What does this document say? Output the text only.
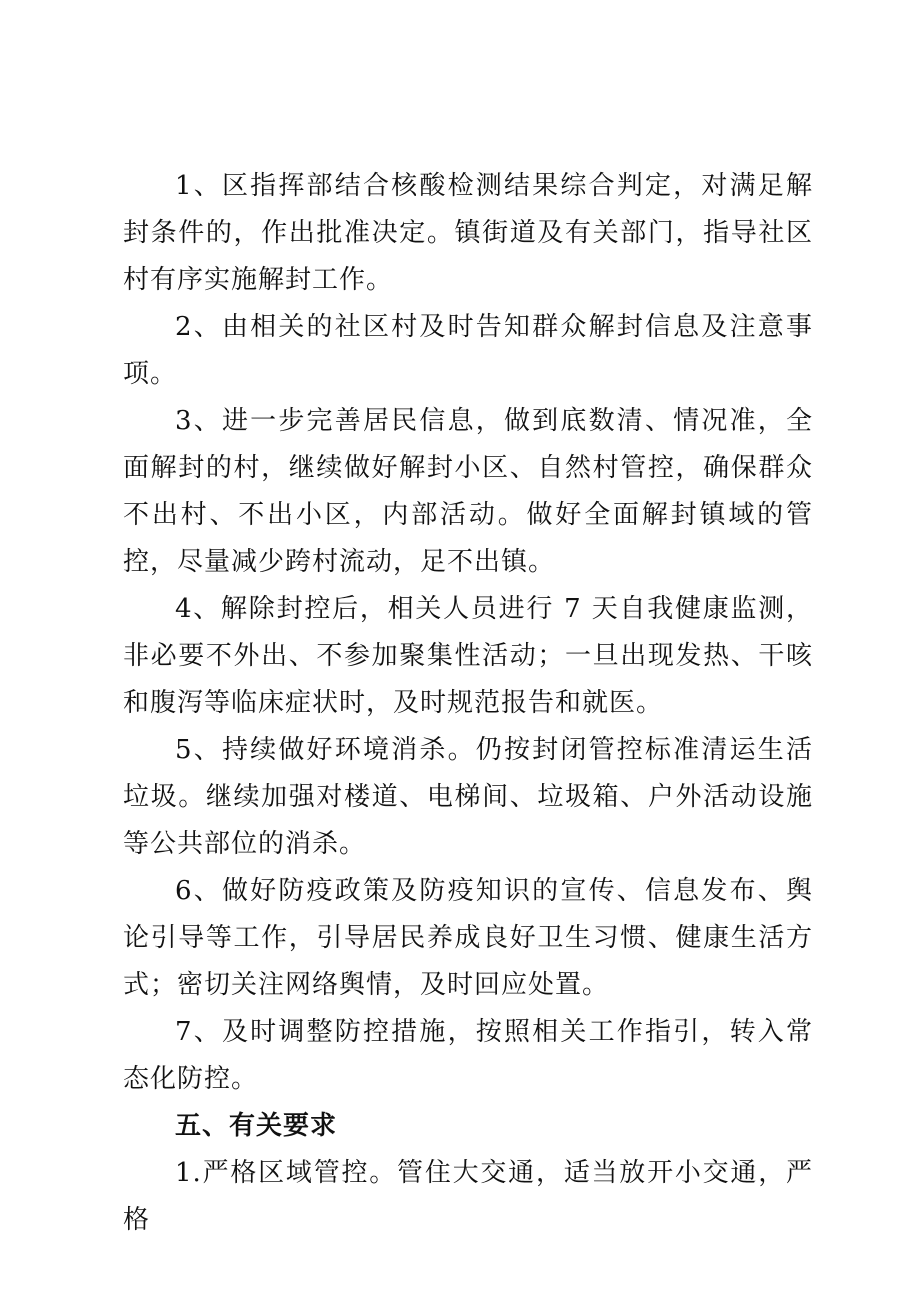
1、区指挥部结合核酸检测结果综合判定，对满足解封条件的，作出批准决定。镇街道及有关部门，指导社区村有序实施解封工作。

2、由相关的社区村及时告知群众解封信息及注意事项。

3、进一步完善居民信息，做到底数清、情况准，全面解封的村，继续做好解封小区、自然村管控，确保群众不出村、不出小区，内部活动。做好全面解封镇域的管控，尽量减少跨村流动，足不出镇。

4、解除封控后，相关人员进行 7 天自我健康监测，非必要不外出、不参加聚集性活动；一旦出现发热、干咳和腹泻等临床症状时，及时规范报告和就医。

5、持续做好环境消杀。仍按封闭管控标准清运生活垃圾。继续加强对楼道、电梯间、垃圾箱、户外活动设施等公共部位的消杀。

6、做好防疫政策及防疫知识的宣传、信息发布、舆论引导等工作，引导居民养成良好卫生习惯、健康生活方式；密切关注网络舆情，及时回应处置。

7、及时调整防控措施，按照相关工作指引，转入常态化防控。

五、有关要求

1.严格区域管控。管住大交通，适当放开小交通，严格
